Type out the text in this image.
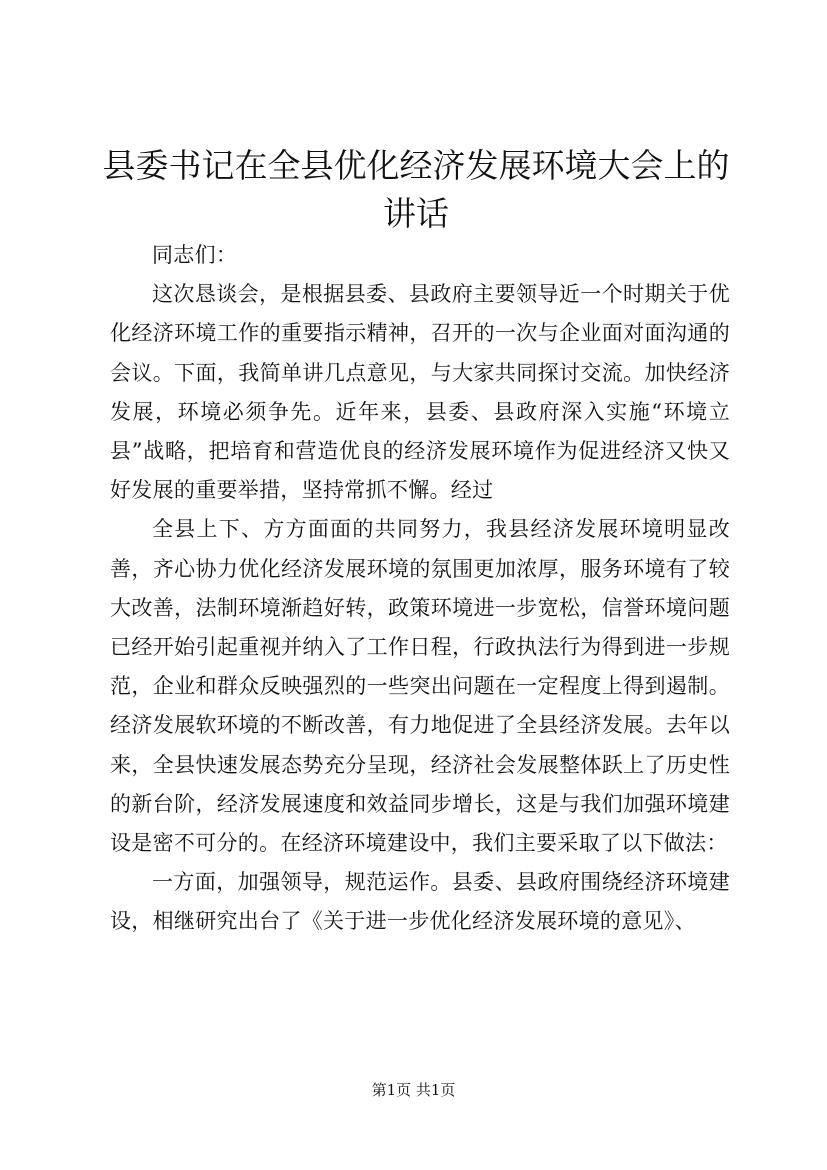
县委书记在全县优化经济发展环境大会上的讲话

同志们：

这次恳谈会，是根据县委、县政府主要领导近一个时期关于优化经济环境工作的重要指示精神，召开的一次与企业面对面沟通的会议。下面，我简单讲几点意见，与大家共同探讨交流。加快经济发展，环境必须争先。近年来，县委、县政府深入实施“环境立县”战略，把培育和营造优良的经济发展环境作为促进经济又快又好发展的重要举措，坚持常抓不懈。经过

全县上下、方方面面的共同努力，我县经济发展环境明显改善，齐心协力优化经济发展环境的氛围更加浓厚，服务环境有了较大改善，法制环境渐趋好转，政策环境进一步宽松，信誉环境问题已经开始引起重视并纳入了工作日程，行政执法行为得到进一步规范，企业和群众反映强烈的一些突出问题在一定程度上得到遏制。经济发展软环境的不断改善，有力地促进了全县经济发展。去年以来，全县快速发展态势充分呈现，经济社会发展整体跃上了历史性的新台阶，经济发展速度和效益同步增长，这是与我们加强环境建设是密不可分的。在经济环境建设中，我们主要采取了以下做法：

一方面，加强领导，规范运作。县委、县政府围绕经济环境建设，相继研究出台了《关于进一步优化经济发展环境的意见》、

第1页 共1页
